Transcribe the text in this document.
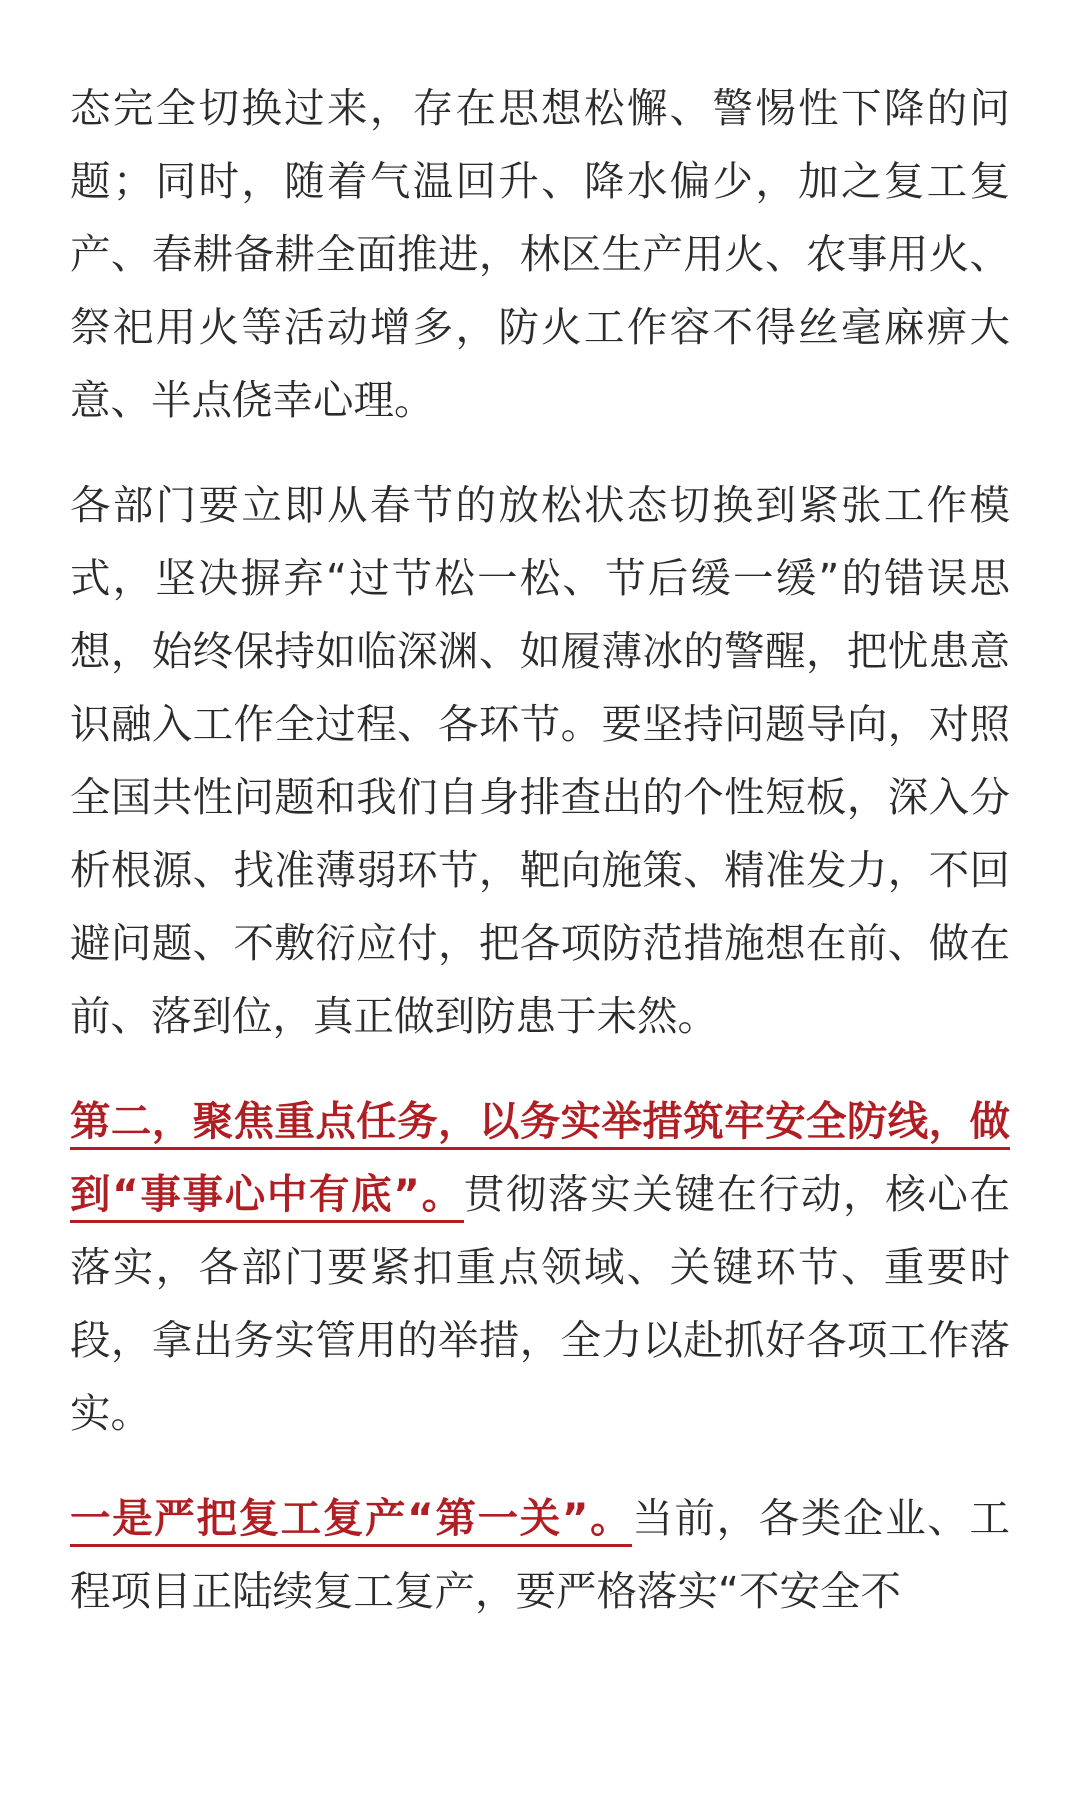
态完全切换过来，存在思想松懈、警惕性下降的问题；同时，随着气温回升、降水偏少，加之复工复产、春耕备耕全面推进，林区生产用火、农事用火、祭祀用火等活动增多，防火工作容不得丝毫麻痹大意、半点侥幸心理。

各部门要立即从春节的放松状态切换到紧张工作模式，坚决摒弃“过节松一松、节后缓一缓”的错误思想，始终保持如临深渊、如履薄冰的警醒，把忧患意识融入工作全过程、各环节。要坚持问题导向，对照全国共性问题和我们自身排查出的个性短板，深入分析根源、找准薄弱环节，靶向施策、精准发力，不回避问题、不敷衍应付，把各项防范措施想在前、做在前、落到位，真正做到防患于未然。

第二，聚焦重点任务，以务实举措筑牢安全防线，做到“事事心中有底”。贯彻落实关键在行动，核心在落实，各部门要紧扣重点领域、关键环节、重要时段，拿出务实管用的举措，全力以赴抓好各项工作落实。

一是严把复工复产“第一关”。当前，各类企业、工程项目正陆续复工复产，要严格落实“不安全不
